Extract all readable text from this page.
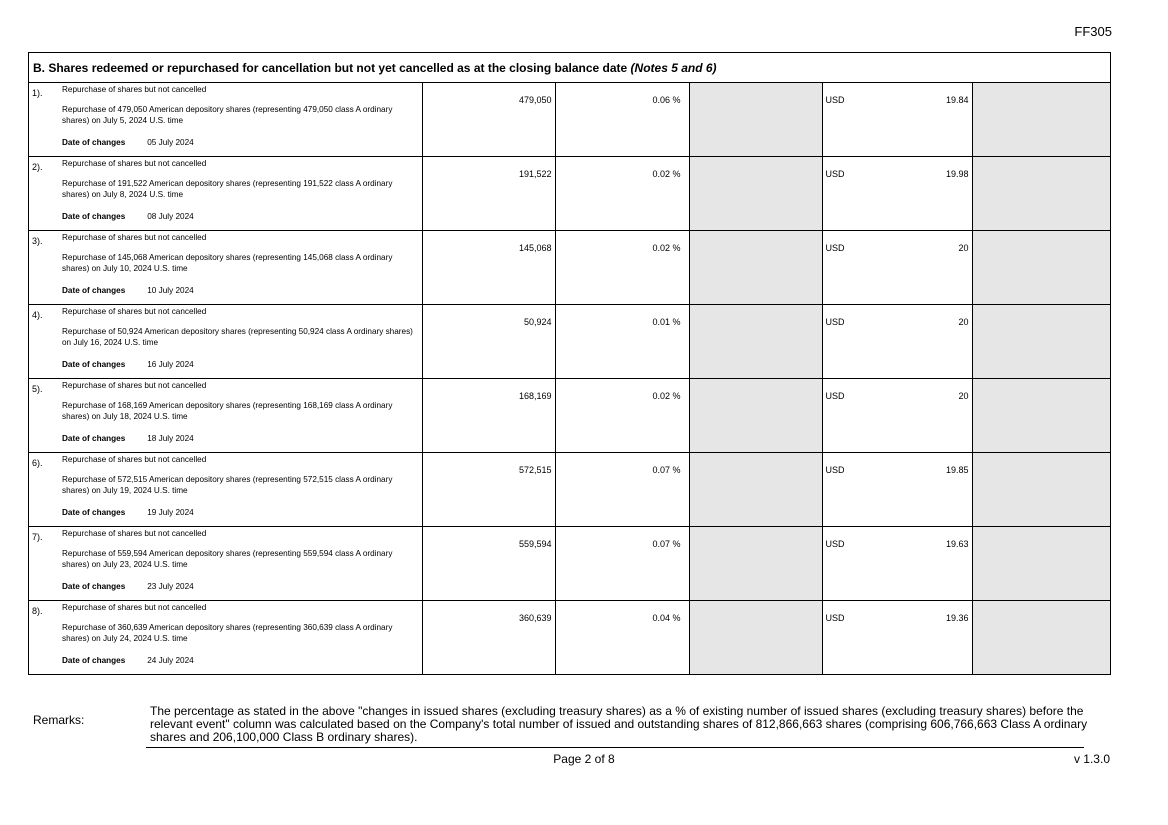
FF305
B. Shares redeemed or repurchased for cancellation but not yet cancelled as at the closing balance date (Notes 5 and 6)
1). Repurchase of shares but not cancelled
Repurchase of 479,050 American depository shares (representing 479,050 class A ordinary shares) on July 5, 2024 U.S. time
Date of changes 05 July 2024	479,050	0.06 %		USD 19.84	

2). Repurchase of shares but not cancelled
Repurchase of 191,522 American depository shares (representing 191,522 class A ordinary shares) on July 8, 2024 U.S. time
Date of changes 08 July 2024	191,522	0.02 %		USD 19.98	

3). Repurchase of shares but not cancelled
Repurchase of 145,068 American depository shares (representing 145,068 class A ordinary shares) on July 10, 2024 U.S. time
Date of changes 10 July 2024	145,068	0.02 %		USD 20	

4). Repurchase of shares but not cancelled
Repurchase of 50,924 American depository shares (representing 50,924 class A ordinary shares) on July 16, 2024 U.S. time
Date of changes 16 July 2024	50,924	0.01 %		USD 20	

5). Repurchase of shares but not cancelled
Repurchase of 168,169 American depository shares (representing 168,169 class A ordinary shares) on July 18, 2024 U.S. time
Date of changes 18 July 2024	168,169	0.02 %		USD 20	

6). Repurchase of shares but not cancelled
Repurchase of 572,515 American depository shares (representing 572,515 class A ordinary shares) on July 19, 2024 U.S. time
Date of changes 19 July 2024	572,515	0.07 %		USD 19.85	

7). Repurchase of shares but not cancelled
Repurchase of 559,594 American depository shares (representing 559,594 class A ordinary shares) on July 23, 2024 U.S. time
Date of changes 23 July 2024	559,594	0.07 %		USD 19.63	

8). Repurchase of shares but not cancelled
Repurchase of 360,639 American depository shares (representing 360,639 class A ordinary shares) on July 24, 2024 U.S. time
Date of changes 24 July 2024	360,639	0.04 %		USD 19.36	

Remarks:
The percentage as stated in the above "changes in issued shares (excluding treasury shares) as a % of existing number of issued shares (excluding treasury shares) before the relevant event" column was calculated based on the Company's total number of issued and outstanding shares of 812,866,663 shares (comprising 606,766,663 Class A ordinary shares and 206,100,000 Class B ordinary shares).
Page 2 of 8	v 1.3.0
